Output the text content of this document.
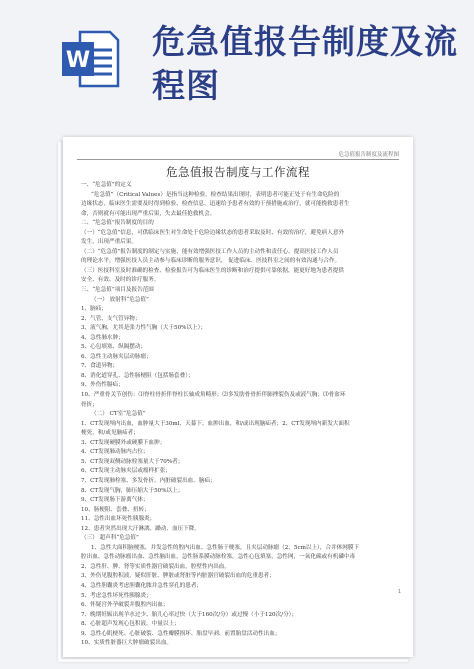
W 危急值报告制度及流程图
危急值报告制度及流程图
危急值报告制度与工作流程

一、“危急值”的定义

“危急值”（Critical Values）是指当这种检验、检查结果出现时，表明患者可能正处于有生命危险的

边缘状态，临床医生需要及时得到检验、检查信息，迅速给予患者有效的干预措施或治疗，就可能挽救患者生

命，否则就有可能出现严重后果，失去最佳抢救机会。

二、“危急值”报告制度的目的

（一）“危急值”信息，可供临床医生对生命处于危险边缘状态的患者采取及时、有效的治疗，避免病人意外

发生，出现严重后果。

（二）“危急值”报告制度的制定与实施，能有效增强医技工作人员的主动性和责任心，提高医技工作人员

的理论水平，增强医技人员主动参与临床诊断的服务意识， 促进临床、医技科室之间的有效沟通与合作。

（三）医技科室及时准确的检查、检验报告可为临床医生的诊断和治疗提供可靠依据，能更好地为患者提供

安全、有效、及时的诊疗服务。

三、“危急值”项目及报告范围

（一） 放射科“危急值”

1、脑疝；

2、气管、支气管异物；

3、液气胸，尤其是张力性气胸（大于50%以上）；

4、急性肺水肿；

5、心包填塞、纵隔摆动；

6、急性主动脉夹层动脉瘤；

7、食道异物；

8、消化道穿孔、急性肠梗阻（包括肠套叠）；

9、外伤性膈疝；

10、严重骨关节创伤：⑴脊柱骨折伴脊柱长轴成角畸形；⑵多发肋骨骨折伴肺挫裂伤及或液气胸；⑶骨盆环

骨折；

（二） CT室“危急值”

1、CT发现颅内出血，血肿量大于30ml，天幕下、血肿出血，和/或出现脑疝者；2、CT发现颅内新发大面积

梗死，和/或见脑疝者；

3、CT发现硬膜外或硬膜下血肿；

4、CT发现肺动脉内占位；

5、CT发现双侧动脉栓塞量大于70%者；

6、CT发现主动脉夹层或瘤样扩张；

7、CT发现肺栓塞、多发骨折、内脏破裂出血、脑疝；

8、CT发现气胸，肺压缩大于50%以上；

9、CT发现肠下游离气体；

10、肠梗阻、套叠、扭转；

11、急性出血坏死性胰腺炎；

12、患者突然出现大汗淋漓、躁动、血压下降。

（三） 超声科“危急值”

1、急性大面积脑梗塞，并发急性的腔内出血、急性肠干梗塞，且夹层动脉瘤（2、5cm以上），合并体网膜下

腔出血、急性动脉瘤出血、急性脑出血，急性肠系膜动脉栓塞，急性心包填塞，急性网，一氧化碳或有机磷中毒

2、急性肝、脾、肾等实质性器官破裂出血，腔壁性内出血。

3、外伤见腹腔积液，疑似肝脏、脾脏或肾脏等内脏器官破裂出血的危重患者；

4、急性胆囊炎考虑胆囊化脓并急性穿孔的患者；

5、考虑急性坏死性胰腺炎；

6、怀疑宫外孕破裂并腹腔内出血；

7、晚期妊娠出现羊水过少、胎儿心率过快（大于160次/分）或过慢（小于120次/分）；

8、心脏超声发现心包积液，中量以上；

9、急性心肌梗死、心脏破裂、急性瓣膜损坏、胎盘早剥、前置胎盘活动性出血；

10、实质性脏器巨大肿瘤破裂出血。

1
